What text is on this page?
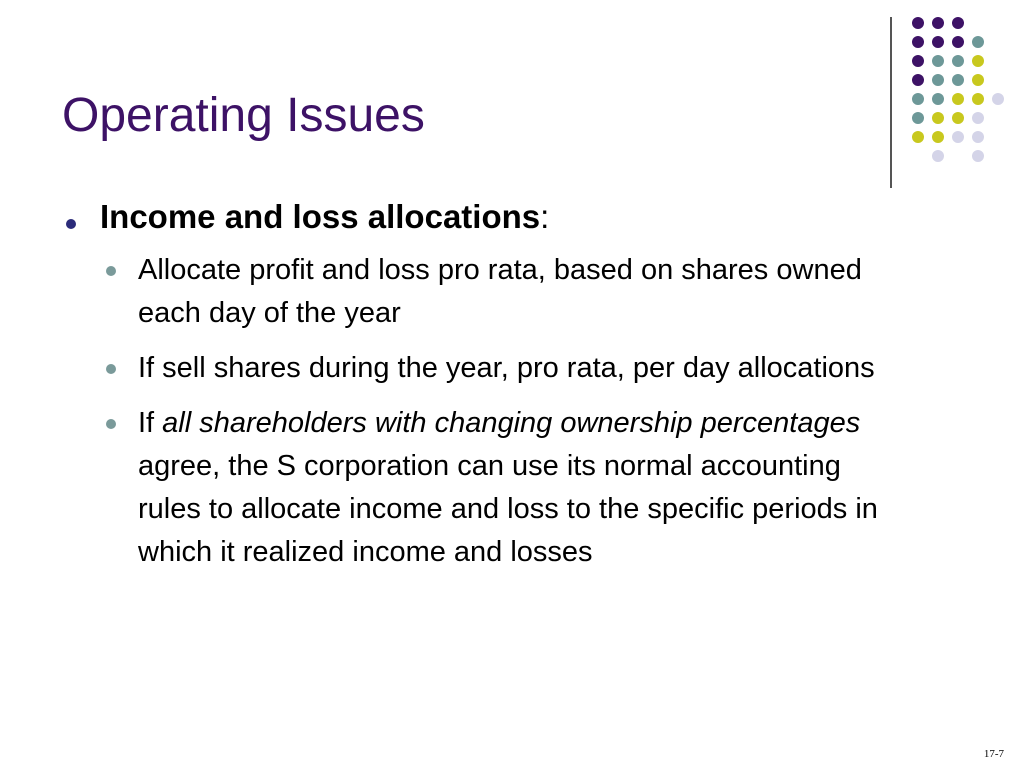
Operating Issues
Income and loss allocations:
Allocate profit and loss pro rata, based on shares owned each day of the year
If sell shares during the year, pro rata, per day allocations
If all shareholders with changing ownership percentages agree, the S corporation can use its normal accounting rules to allocate income and loss to the specific periods in which it realized income and losses
17-7
